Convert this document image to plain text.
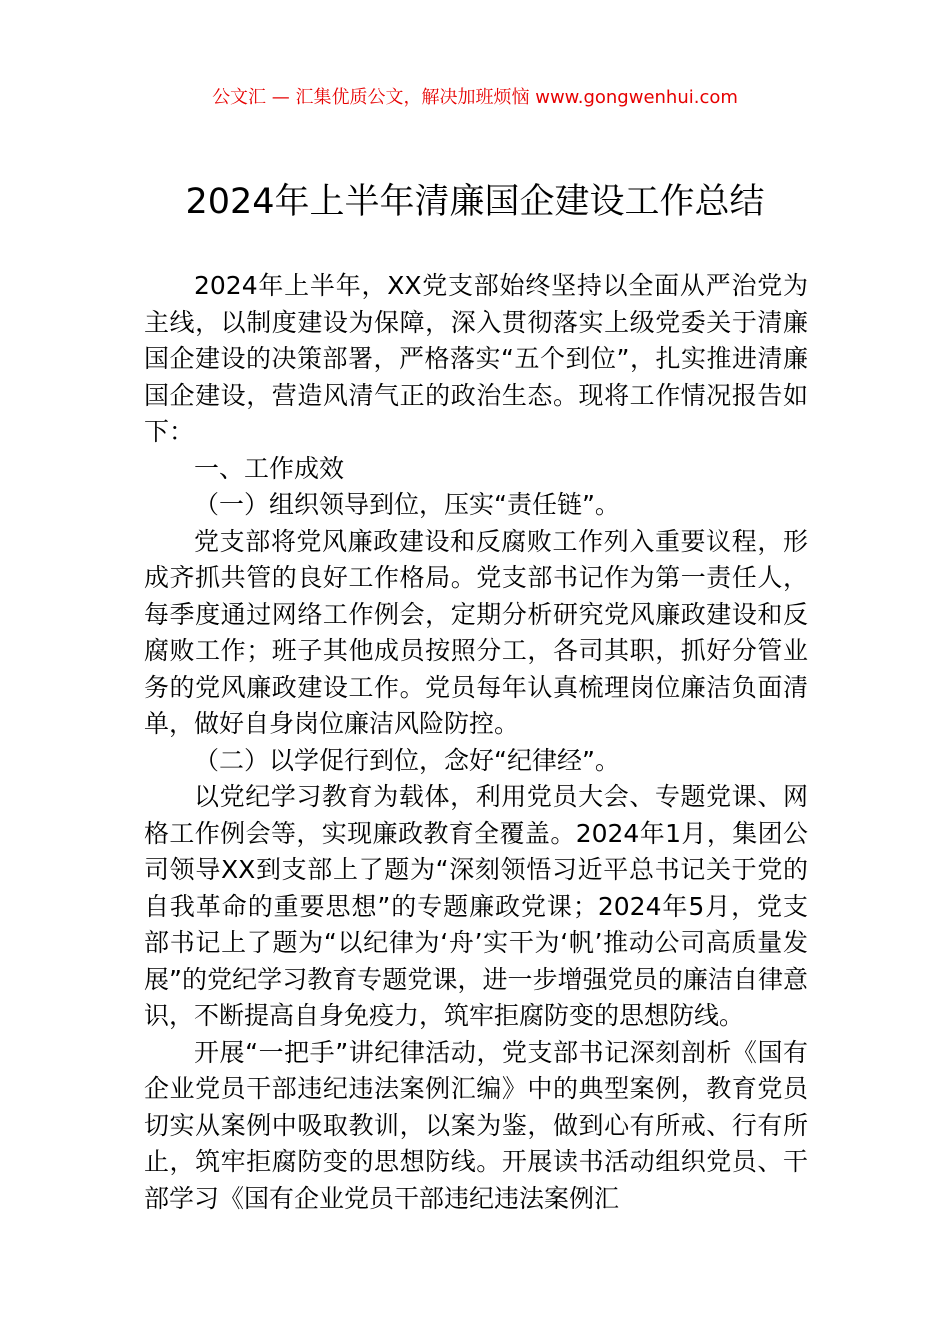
公文汇 — 汇集优质公文，解决加班烦恼 www.gongwenhui.com
2024年上半年清廉国企建设工作总结

2024年上半年，XX党支部始终坚持以全面从严治党为主线，以制度建设为保障，深入贯彻落实上级党委关于清廉国企建设的决策部署，严格落实“五个到位”，扎实推进清廉国企建设，营造风清气正的政治生态。现将工作情况报告如下：

一、工作成效

（一）组织领导到位，压实“责任链”。

党支部将党风廉政建设和反腐败工作列入重要议程，形成齐抓共管的良好工作格局。党支部书记作为第一责任人，每季度通过网络工作例会，定期分析研究党风廉政建设和反腐败工作；班子其他成员按照分工，各司其职，抓好分管业务的党风廉政建设工作。党员每年认真梳理岗位廉洁负面清单，做好自身岗位廉洁风险防控。

（二）以学促行到位，念好“纪律经”。

以党纪学习教育为载体，利用党员大会、专题党课、网格工作例会等，实现廉政教育全覆盖。2024年1月，集团公司领导XX到支部上了题为“深刻领悟习近平总书记关于党的自我革命的重要思想”的专题廉政党课；2024年5月，党支部书记上了题为“以纪律为‘舟’实干为‘帆’推动公司高质量发展”的党纪学习教育专题党课，进一步增强党员的廉洁自律意识，不断提高自身免疫力，筑牢拒腐防变的思想防线。

开展“一把手”讲纪律活动，党支部书记深刻剖析《国有企业党员干部违纪违法案例汇编》中的典型案例，教育党员切实从案例中吸取教训，以案为鉴，做到心有所戒、行有所止，筑牢拒腐防变的思想防线。开展读书活动组织党员、干部学习《国有企业党员干部违纪违法案例汇
